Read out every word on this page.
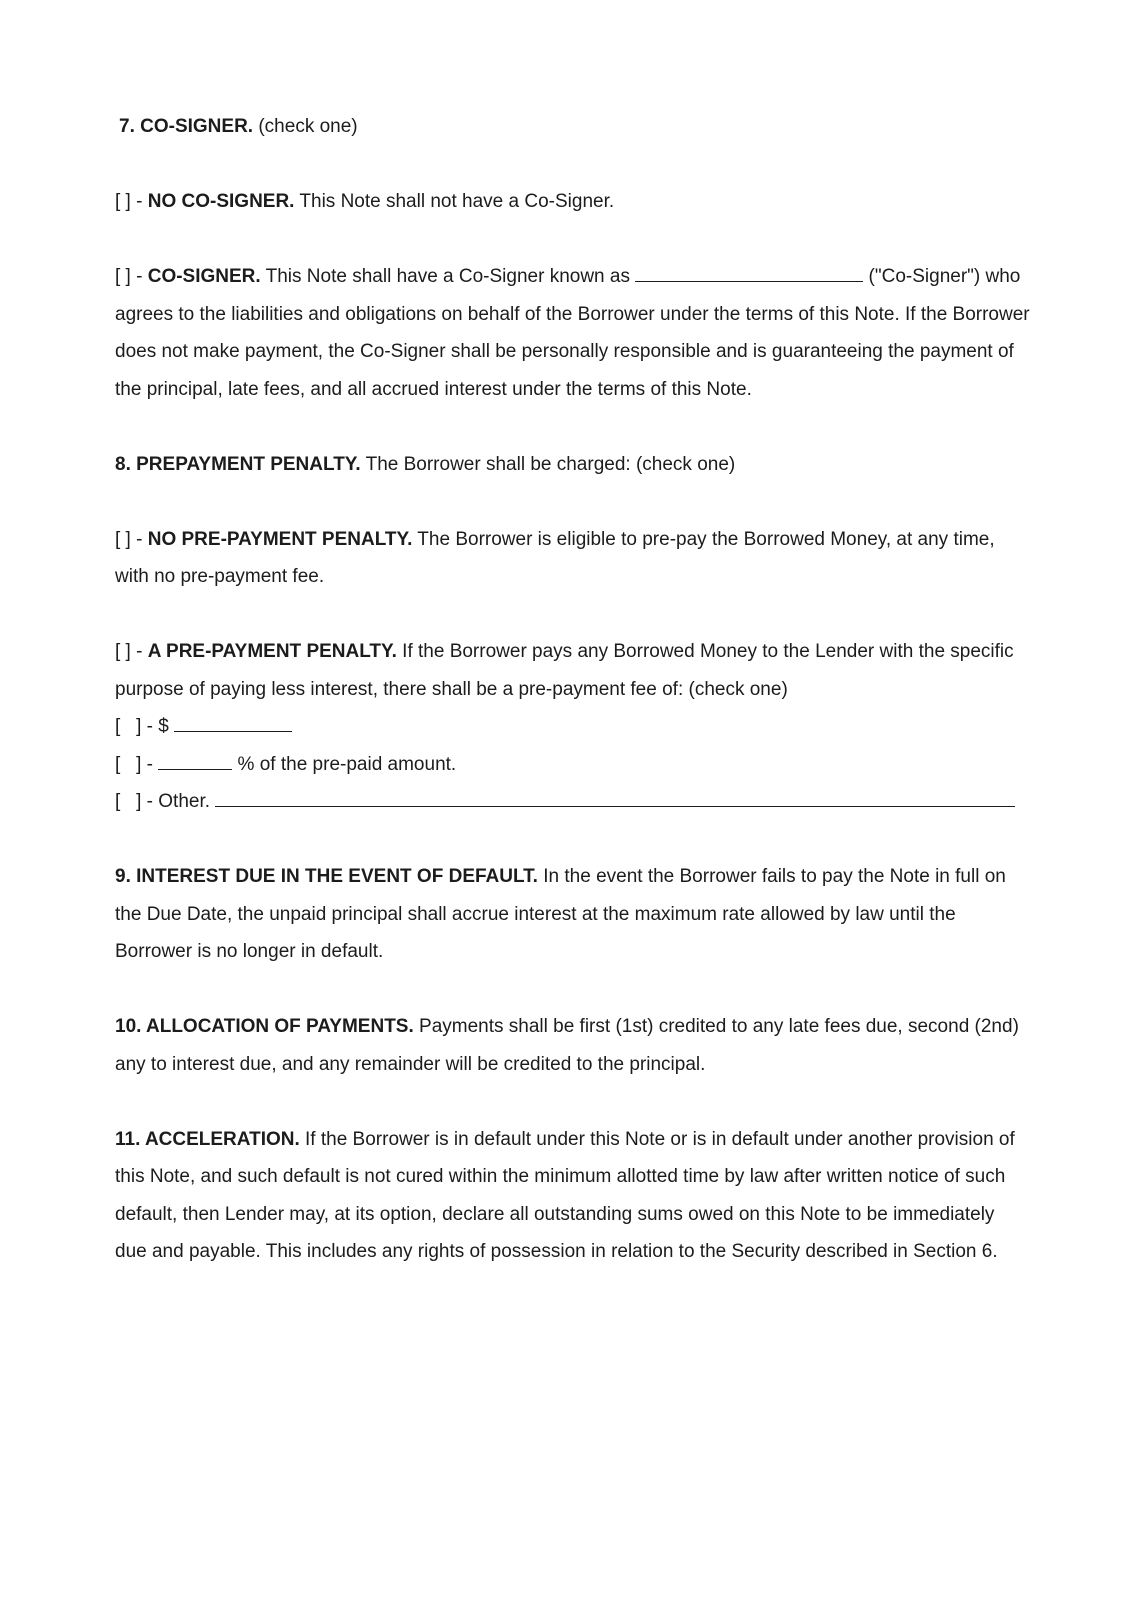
7. CO-SIGNER. (check one)

[ ] - NO CO-SIGNER. This Note shall not have a Co-Signer.

[ ] - CO-SIGNER. This Note shall have a Co-Signer known as	("Co-Signer") who agrees to the liabilities and obligations on behalf of the Borrower under the terms of this Note. If the Borrower does not make payment, the Co-Signer shall be personally responsible and is guaranteeing the payment of the principal, late fees, and all accrued interest under the terms of this Note.

8. PREPAYMENT PENALTY. The Borrower shall be charged: (check one)

[ ] - NO PRE-PAYMENT PENALTY. The Borrower is eligible to pre-pay the Borrowed Money, at any time, with no pre-payment fee.

[ ] - A PRE-PAYMENT PENALTY. If the Borrower pays any Borrowed Money to the Lender with the specific purpose of paying less interest, there shall be a pre-payment fee of: (check one)

[   ] - $
[   ] -	% of the pre-paid amount.
[   ] - Other.

9. INTEREST DUE IN THE EVENT OF DEFAULT. In the event the Borrower fails to pay the Note in full on the Due Date, the unpaid principal shall accrue interest at the maximum rate allowed by law until the Borrower is no longer in default.

10. ALLOCATION OF PAYMENTS. Payments shall be first (1st) credited to any late fees due, second (2nd) any to interest due, and any remainder will be credited to the principal.

11. ACCELERATION. If the Borrower is in default under this Note or is in default under another provision of this Note, and such default is not cured within the minimum allotted time by law after written notice of such default, then Lender may, at its option, declare all outstanding sums owed on this Note to be immediately due and payable. This includes any rights of possession in relation to the Security described in Section 6.
